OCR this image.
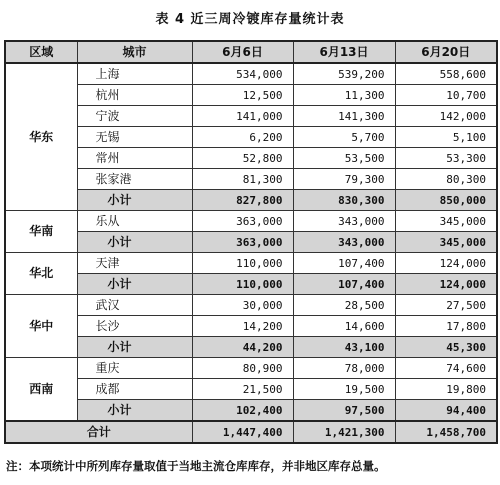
表 4 近三周冷镀库存量统计表
区域	城市	6月6日	6月13日	6月20日
华东	上海	534,000	539,200	558,600
	杭州	12,500	11,300	10,700
	宁波	141,000	141,300	142,000
	无锡	6,200	5,700	5,100
	常州	52,800	53,500	53,300
	张家港	81,300	79,300	80,300
	小计	827,800	830,300	850,000
华南	乐从	363,000	343,000	345,000
	小计	363,000	343,000	345,000
华北	天津	110,000	107,400	124,000
	小计	110,000	107,400	124,000
华中	武汉	30,000	28,500	27,500
	长沙	14,200	14,600	17,800
	小计	44,200	43,100	45,300
西南	重庆	80,900	78,000	74,600
	成都	21,500	19,500	19,800
	小计	102,400	97,500	94,400
合计		1,447,400	1,421,300	1,458,700
注：本项统计中所列库存量取值于当地主流仓库库存，并非地区库存总量。
